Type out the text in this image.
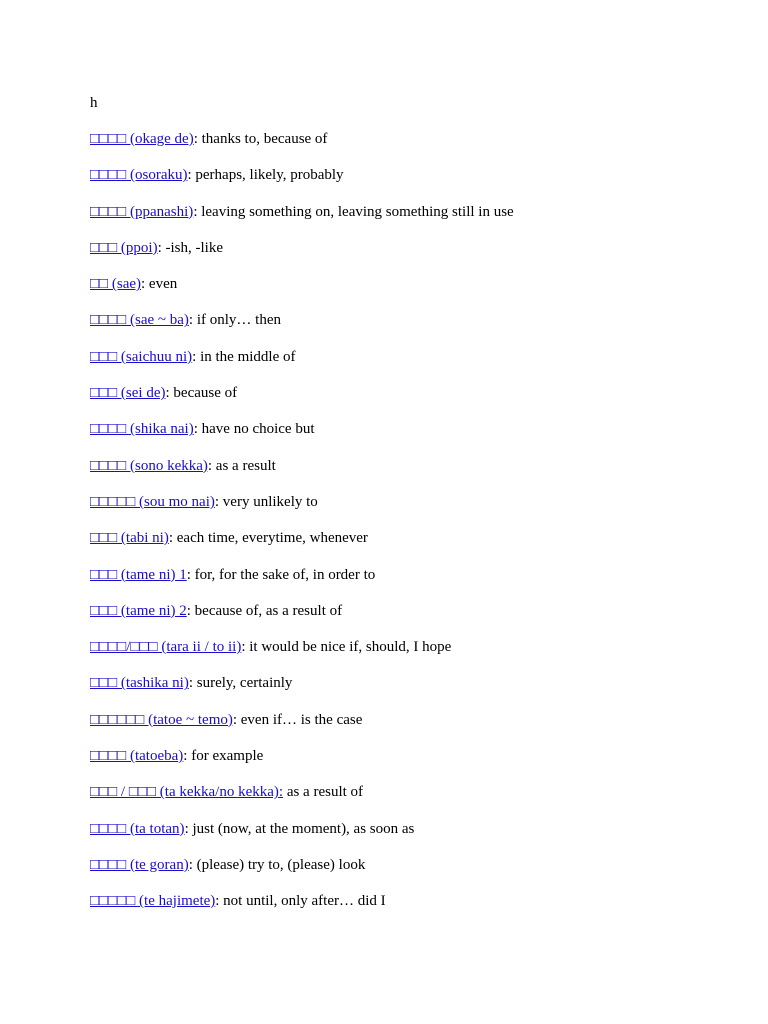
h
□□□□ (okage de): thanks to, because of
□□□□ (osoraku): perhaps, likely, probably
□□□□ (ppanashi): leaving something on, leaving something still in use
□□□ (ppoi): -ish, -like
□□ (sae): even
□□□□ (sae ~ ba): if only… then
□□□ (saichuu ni): in the middle of
□□□ (sei de): because of
□□□□ (shika nai): have no choice but
□□□□ (sono kekka): as a result
□□□□□ (sou mo nai): very unlikely to
□□□ (tabi ni): each time, everytime, whenever
□□□ (tame ni) 1: for, for the sake of, in order to
□□□ (tame ni) 2: because of, as a result of
□□□□/□□□ (tara ii / to ii): it would be nice if, should, I hope
□□□ (tashika ni): surely, certainly
□□□□□□ (tatoe ~ temo): even if… is the case
□□□□ (tatoeba): for example
□□□ / □□□ (ta kekka/no kekka): as a result of
□□□□ (ta totan): just (now, at the moment), as soon as
□□□□ (te goran): (please) try to, (please) look
□□□□□ (te hajimete): not until, only after… did I
